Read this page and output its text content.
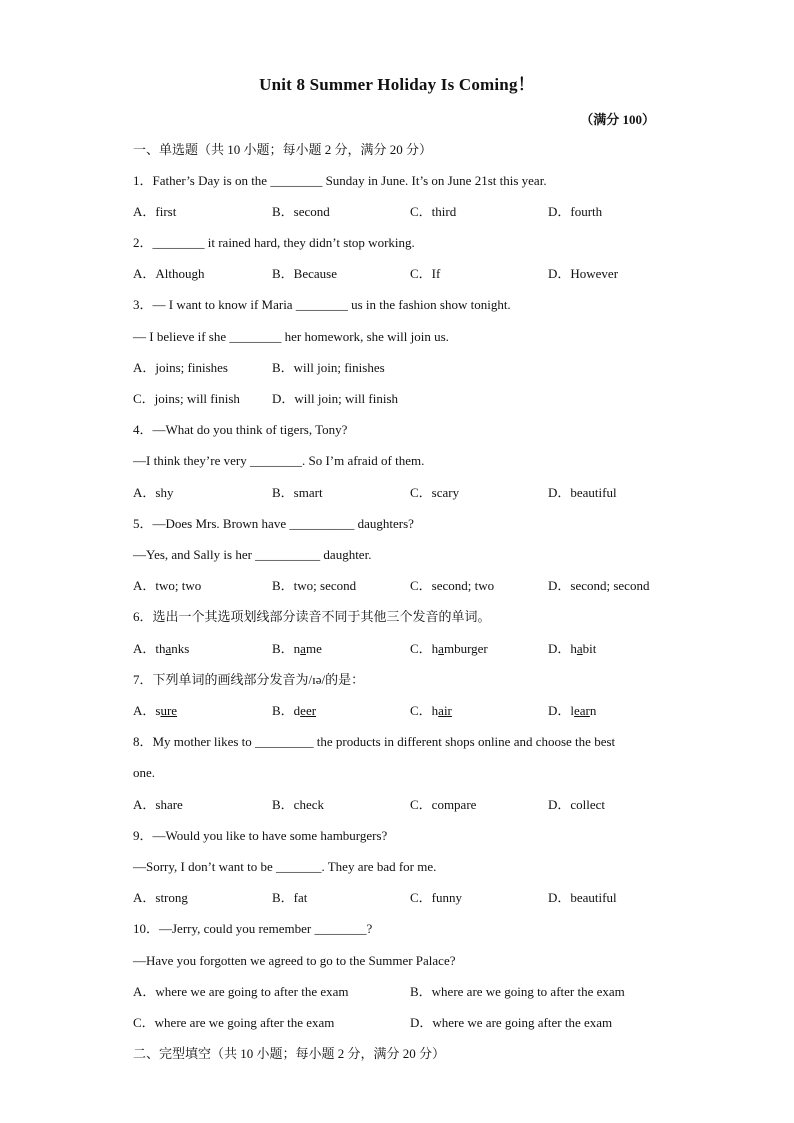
Unit 8 Summer Holiday Is Coming！
（满分 100）
一、单选题（共 10 小题；每小题 2 分，满分 20 分）
1．Father’s Day is on the ________ Sunday in June. It’s on June 21st this year.
A．first	B．second	C．third	D．fourth
2．________ it rained hard, they didn’t stop working.
A．Although	B．Because	C．If	D．However
3．— I want to know if Maria ________ us in the fashion show tonight.
— I believe if she ________ her homework, she will join us.
A．joins; finishes	B．will join; finishes
C．joins; will finish D．will join; will finish
4．—What do you think of tigers, Tony?
—I think they’re very ________. So I’m afraid of them.
A．shy	B．smart	C．scary	D．beautiful
5．—Does Mrs. Brown have __________ daughters?
—Yes, and Sally is her __________ daughter.
A．two; two	B．two; second	C．second; two	D．second; second
6．选出一个其选项划线部分读音不同于其他三个发音的单词。
A．thanks	B．name	C．hamburger	D．habit
7．下列单词的画线部分发音为/ɪə/的是：
A．sure	B．deer	C．hair	D．learn
8．My mother likes to _________ the products in different shops online and choose the best
one.
A．share	B．check	C．compare	D．collect
9．—Would you like to have some hamburgers?
—Sorry, I don’t want to be _______. They are bad for me.
A．strong	B．fat	C．funny	D．beautiful
10．—Jerry, could you remember ________?
—Have you forgotten we agreed to go to the Summer Palace?
A．where we are going to after the exam	B．where are we going to after the exam
C．where are we going after the exam	D．where we are going after the exam
二、完型填空（共 10 小题；每小题 2 分，满分 20 分）
